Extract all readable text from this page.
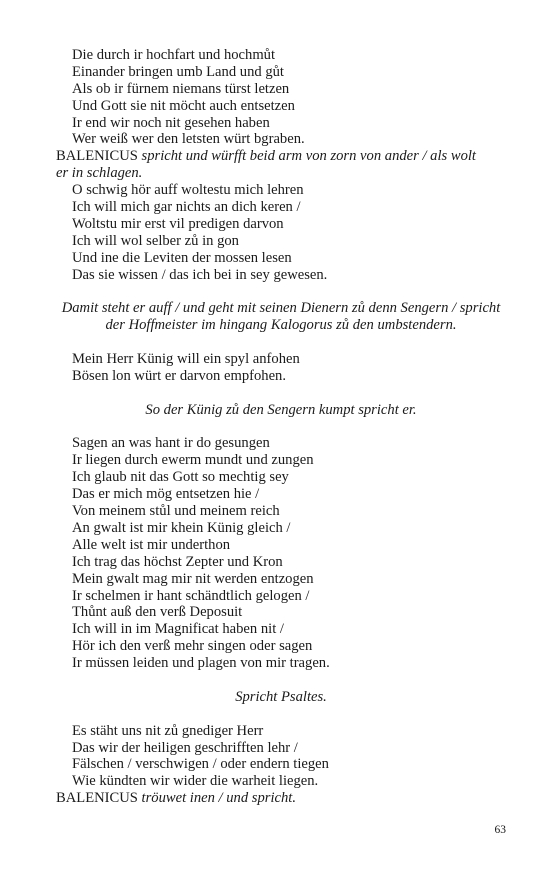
Die durch ir hochfart und hochmůt
Einander bringen umb Land und gůt
Als ob ir fürnem niemans türst letzen
Und Gott sie nit möcht auch entsetzen
Ir end wir noch nit gesehen haben
Wer weiß wer den letsten würt bgraben.
BALENICUS spricht und würfft beid arm von zorn von ander / als wolt
er in schlagen.
O schwig hör auff woltestu mich lehren
Ich will mich gar nichts an dich keren /
Woltstu mir erst vil predigen darvon
Ich will wol selber zů in gon
Und ine die Leviten der mossen lesen
Das sie wissen / das ich bei in sey gewesen.
Damit steht er auff / und geht mit seinen Dienern zů denn Sengern / spricht
der Hoffmeister im hingang Kalogorus zů den umbstendern.
Mein Herr Künig will ein spyl anfohen
Bösen lon würt er darvon empfohen.
So der Künig zů den Sengern kumpt spricht er.
Sagen an was hant ir do gesungen
Ir liegen durch ewerm mundt und zungen
Ich glaub nit das Gott so mechtig sey
Das er mich mög entsetzen hie /
Von meinem stůl und meinem reich
An gwalt ist mir khein Künig gleich /
Alle welt ist mir underthon
Ich trag das höchst Zepter und Kron
Mein gwalt mag mir nit werden entzogen
Ir schelmen ir hant schändtlich gelogen /
Thůnt auß den verß Deposuit
Ich will in im Magnificat haben nit /
Hör ich den verß mehr singen oder sagen
Ir müssen leiden und plagen von mir tragen.
Spricht Psaltes.
Es stäht uns nit zů gnediger Herr
Das wir der heiligen geschrifften lehr /
Fälschen / verschwigen / oder endern tiegen
Wie kündten wir wider die warheit liegen.
BALENICUS tröuwet inen / und spricht.
63
